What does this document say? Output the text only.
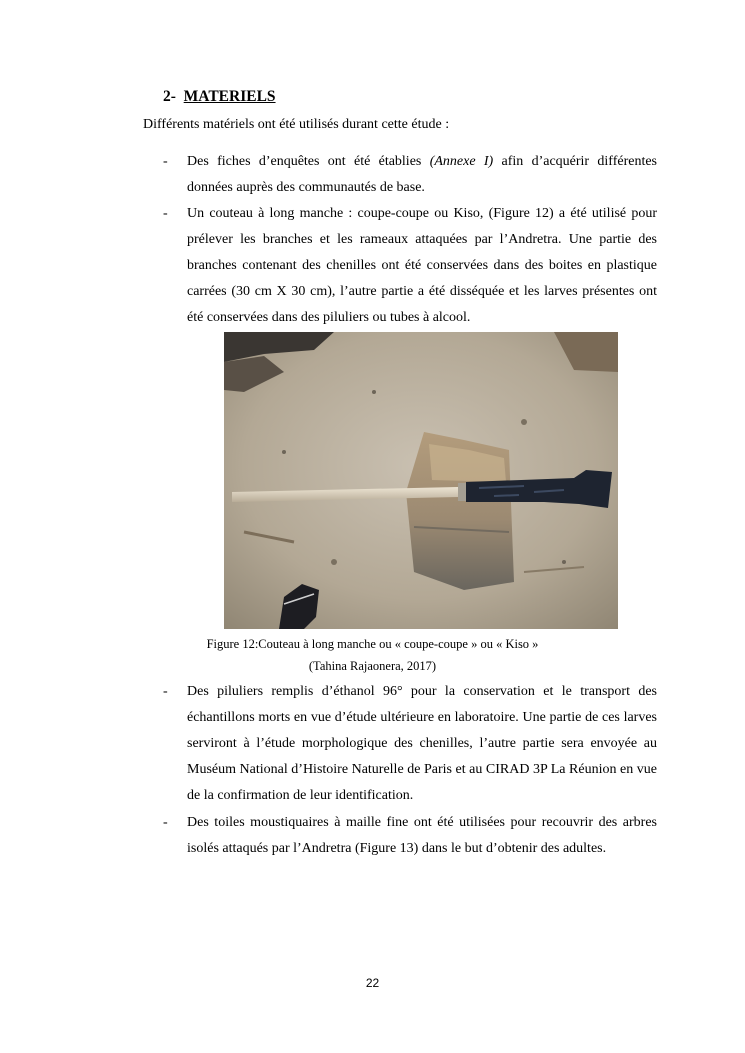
2- MATERIELS
Différents matériels ont été utilisés durant cette étude :
- Des fiches d’enquêtes ont été établies (Annexe I) afin d’acquérir différentes données auprès des communautés de base.
- Un couteau à long manche : coupe-coupe ou Kiso, (Figure 12) a été utilisé pour prélever les branches et les rameaux attaquées par l’Andretra. Une partie des branches contenant des chenilles ont été conservées dans des boites en plastique carrées (30 cm X 30 cm), l’autre partie a été disséquée et les larves présentes ont été conservées dans des piluliers ou tubes à alcool.
Figure 12:Couteau à long manche ou « coupe-coupe » ou « Kiso »
(Tahina Rajaonera, 2017)
- Des piluliers remplis d’éthanol 96° pour la conservation et le transport des échantillons morts en vue d’étude ultérieure en laboratoire. Une partie de ces larves serviront à l’étude morphologique des chenilles, l’autre partie sera envoyée au Muséum National d’Histoire Naturelle de Paris et au CIRAD 3P La Réunion en vue de la confirmation de leur identification.
- Des toiles moustiquaires à maille fine ont été utilisées pour recouvrir des arbres isolés attaqués par l’Andretra (Figure 13) dans le but d’obtenir des adultes.
22
